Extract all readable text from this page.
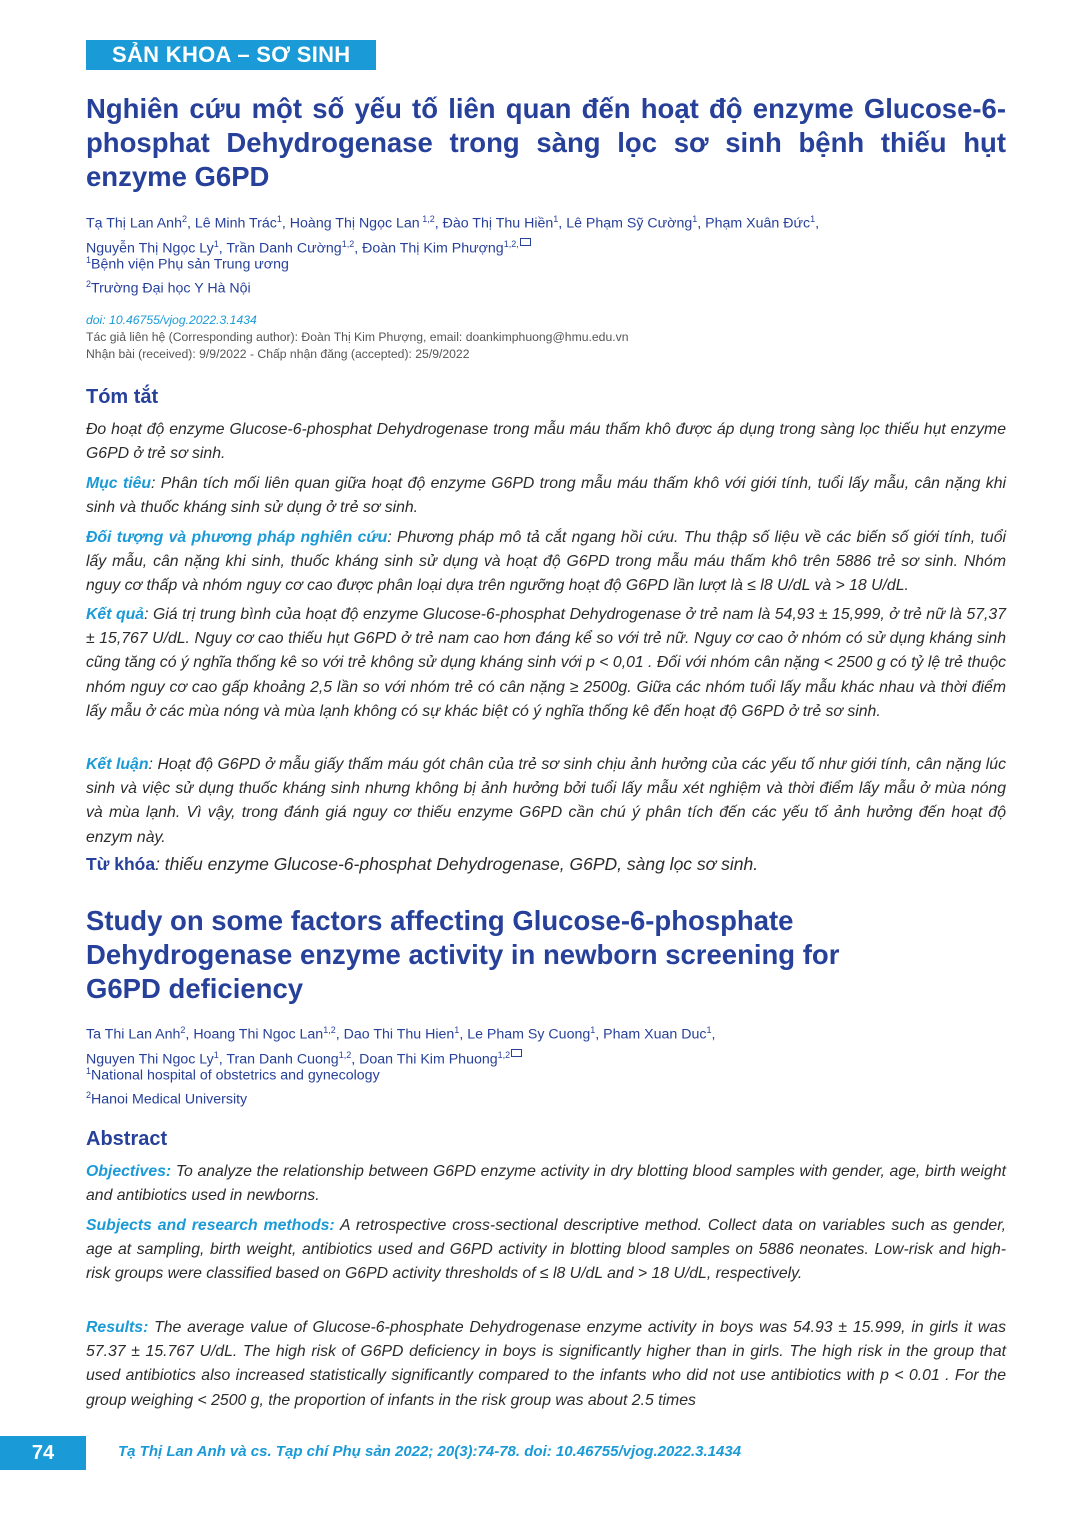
SẢN KHOA – SƠ SINH
Nghiên cứu một số yếu tố liên quan đến hoạt độ enzyme Glucose-6-phosphat Dehydrogenase trong sàng lọc sơ sinh bệnh thiếu hụt enzyme G6PD
Tạ Thị Lan Anh$^2$, Lê Minh Trác$^1$, Hoàng Thị Ngọc Lan $^{1,2}$, Đào Thị Thu Hiền$^1$, Lê Phạm Sỹ Cường$^1$, Phạm Xuân Đức$^1$,
Nguyễn Thị Ngọc Ly$^1$, Trần Danh Cường$^{1,2}$, Đoàn Thị Kim Phượng$^{1,2,}$
$^1$Bệnh viện Phụ sản Trung ương
$^2$Trường Đại học Y Hà Nội
doi: 10.46755/vjog.2022.3.1434
Tác giả liên hệ (Corresponding author): Đoàn Thị Kim Phượng, email: doankimphuong@hmu.edu.vn
Nhận bài (received): 9/9/2022 - Chấp nhận đăng (accepted): 25/9/2022
Tóm tắt

Đo hoạt độ enzyme Glucose-6-phosphat Dehydrogenase trong mẫu máu thấm khô được áp dụng trong sàng lọc thiếu hụt enzyme G6PD ở trẻ sơ sinh.

Mục tiêu: Phân tích mối liên quan giữa hoạt độ enzyme G6PD trong mẫu máu thấm khô với giới tính, tuổi lấy mẫu, cân nặng khi sinh và thuốc kháng sinh sử dụng ở trẻ sơ sinh.

Đối tượng và phương pháp nghiên cứu: Phương pháp mô tả cắt ngang hồi cứu. Thu thập số liệu về các biến số giới tính, tuổi lấy mẫu, cân nặng khi sinh, thuốc kháng sinh sử dụng và hoạt độ G6PD trong mẫu máu thấm khô trên 5886 trẻ sơ sinh. Nhóm nguy cơ thấp và nhóm nguy cơ cao được phân loại dựa trên ngưỡng hoạt độ G6PD lần lượt là ≤ l8 U/dL và > 18 U/dL.

Kết quả: Giá trị trung bình của hoạt độ enzyme Glucose-6-phosphat Dehydrogenase ở trẻ nam là 54,93 ± 15,999, ở trẻ nữ là 57,37 ± 15,767 U/dL. Nguy cơ cao thiếu hụt G6PD ở trẻ nam cao hơn đáng kể so với trẻ nữ. Nguy cơ cao ở nhóm có sử dụng kháng sinh cũng tăng có ý nghĩa thống kê so với trẻ không sử dụng kháng sinh với p < 0,01 . Đối với nhóm cân nặng < 2500 g có tỷ lệ trẻ thuộc nhóm nguy cơ cao gấp khoảng 2,5 lần so với nhóm trẻ có cân nặng ≥ 2500g. Giữa các nhóm tuổi lấy mẫu khác nhau và thời điểm lấy mẫu ở các mùa nóng và mùa lạnh không có sự khác biệt có ý nghĩa thống kê đến hoạt độ G6PD ở trẻ sơ sinh.

Kết luận: Hoạt độ G6PD ở mẫu giấy thấm máu gót chân của trẻ sơ sinh chịu ảnh hưởng của các yếu tố như giới tính, cân nặng lúc sinh và việc sử dụng thuốc kháng sinh nhưng không bị ảnh hưởng bởi tuổi lấy mẫu xét nghiệm và thời điểm lấy mẫu ở mùa nóng và mùa lạnh. Vì vậy, trong đánh giá nguy cơ thiếu enzyme G6PD cần chú ý phân tích đến các yếu tố ảnh hưởng đến hoạt độ enzym này.

Từ khóa: thiếu enzyme Glucose-6-phosphat Dehydrogenase, G6PD, sàng lọc sơ sinh.
Study on some factors affecting Glucose-6-phosphate Dehydrogenase enzyme activity in newborn screening for G6PD deficiency
Ta Thi Lan Anh$^2$, Hoang Thi Ngoc Lan$^{1,2}$, Dao Thi Thu Hien$^1$, Le Pham Sy Cuong$^1$, Pham Xuan Duc$^1$,
Nguyen Thi Ngoc Ly$^1$, Tran Danh Cuong$^{1,2}$, Doan Thi Kim Phuong$^{1,2}$
$^1$National hospital of obstetrics and gynecology
$^2$Hanoi Medical University
Abstract

Objectives: To analyze the relationship between G6PD enzyme activity in dry blotting blood samples with gender, age, birth weight and antibiotics used in newborns.

Subjects and research methods: A retrospective cross-sectional descriptive method. Collect data on variables such as gender, age at sampling, birth weight, antibiotics used and G6PD activity in blotting blood samples on 5886 neonates. Low-risk and high-risk groups were classified based on G6PD activity thresholds of ≤ l8 U/dL and > 18 U/dL, respectively.

Results: The average value of Glucose-6-phosphate Dehydrogenase enzyme activity in boys was 54.93 ± 15.999, in girls it was 57.37 ± 15.767 U/dL. The high risk of G6PD deficiency in boys is significantly higher than in girls. The high risk in the group that used antibiotics also increased statistically significantly compared to the infants who did not use antibiotics with p < 0.01 . For the group weighing < 2500 g, the proportion of infants in the risk group was about 2.5 times

74	Tạ Thị Lan Anh và cs. Tạp chí Phụ sản 2022; 20(3):74-78. doi: 10.46755/vjog.2022.3.1434
